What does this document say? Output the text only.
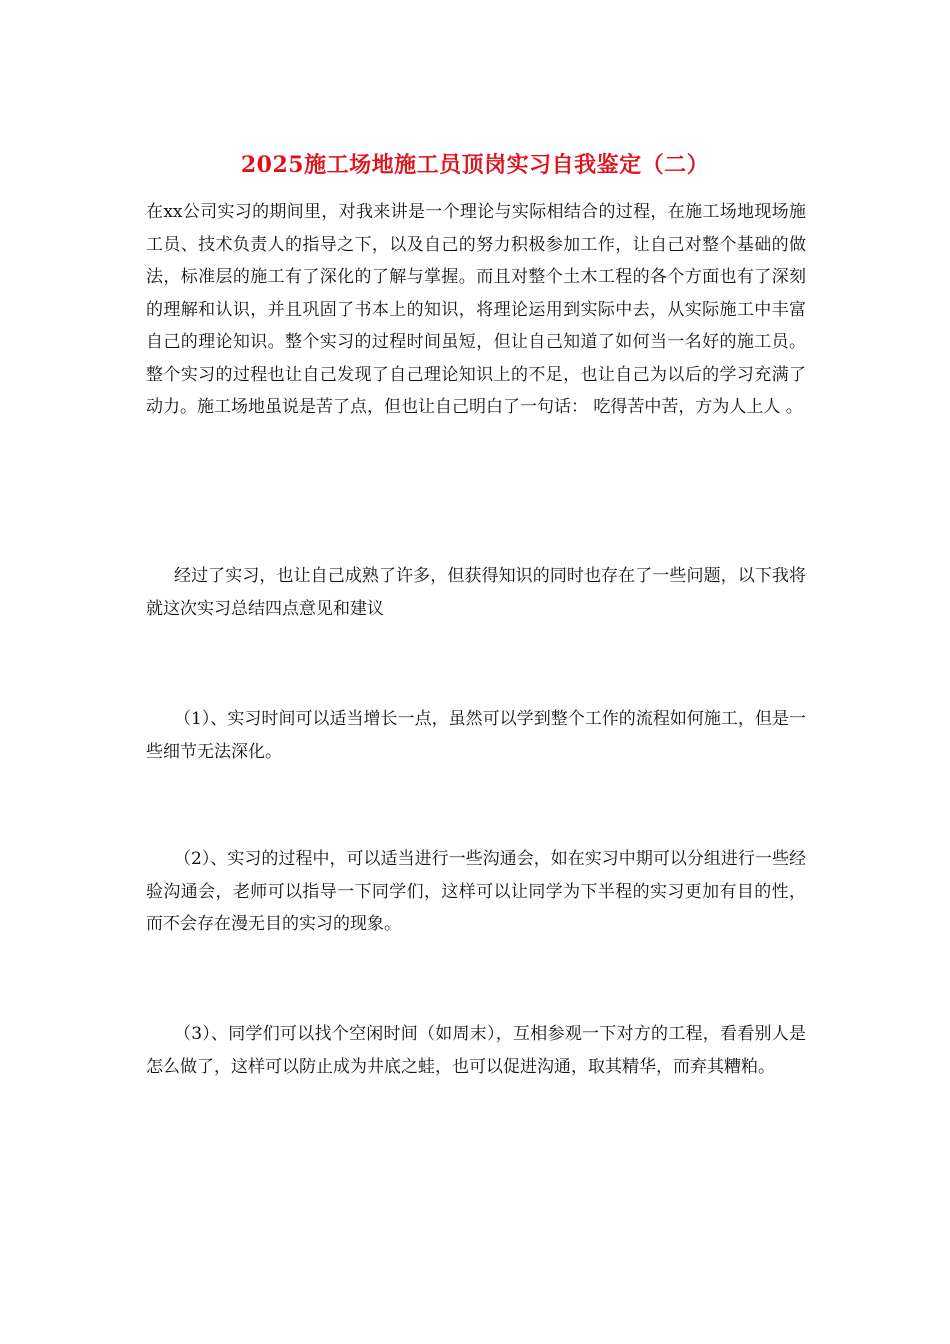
2025施工场地施工员顶岗实习自我鉴定（二）

在xx公司实习的期间里，对我来讲是一个理论与实际相结合的过程，在施工场地现场施工员、技术负责人的指导之下，以及自己的努力积极参加工作，让自己对整个基础的做法，标准层的施工有了深化的了解与掌握。而且对整个土木工程的各个方面也有了深刻的理解和认识，并且巩固了书本上的知识，将理论运用到实际中去，从实际施工中丰富自己的理论知识。整个实习的过程时间虽短，但让自己知道了如何当一名好的施工员。整个实习的过程也让自己发现了自己理论知识上的不足，也让自己为以后的学习充满了动力。施工场地虽说是苦了点，但也让自己明白了一句话： 吃得苦中苦，方为人上人 。

经过了实习，也让自己成熟了许多，但获得知识的同时也存在了一些问题，以下我将就这次实习总结四点意见和建议

（1）、实习时间可以适当增长一点，虽然可以学到整个工作的流程如何施工，但是一些细节无法深化。

（2）、实习的过程中，可以适当进行一些沟通会，如在实习中期可以分组进行一些经验沟通会，老师可以指导一下同学们，这样可以让同学为下半程的实习更加有目的性，而不会存在漫无目的实习的现象。

（3）、同学们可以找个空闲时间（如周末），互相参观一下对方的工程，看看别人是怎么做了，这样可以防止成为井底之蛙，也可以促进沟通，取其精华，而弃其糟粕。
